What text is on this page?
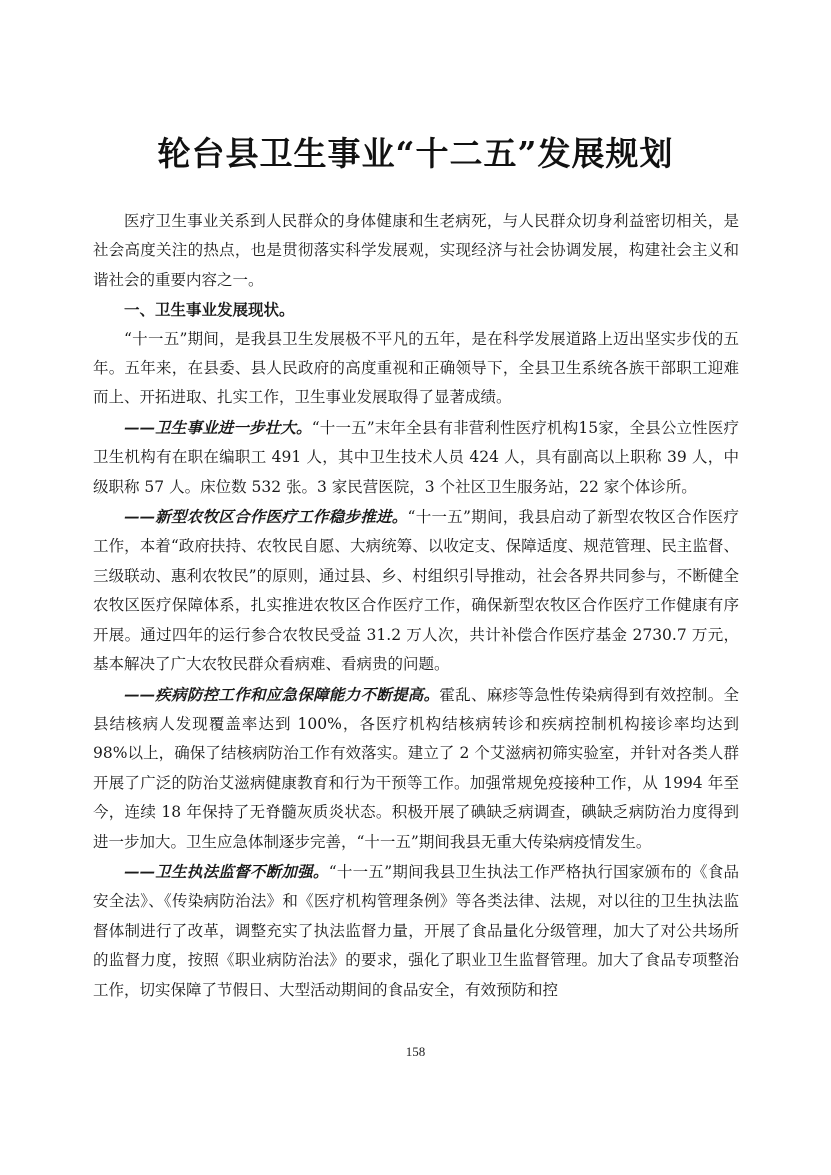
轮台县卫生事业“十二五”发展规划

医疗卫生事业关系到人民群众的身体健康和生老病死，与人民群众切身利益密切相关，是社会高度关注的热点，也是贯彻落实科学发展观，实现经济与社会协调发展，构建社会主义和谐社会的重要内容之一。

一、卫生事业发展现状。

“十一五”期间，是我县卫生发展极不平凡的五年，是在科学发展道路上迈出坚实步伐的五年。五年来，在县委、县人民政府的高度重视和正确领导下，全县卫生系统各族干部职工迎难而上、开拓进取、扎实工作，卫生事业发展取得了显著成绩。

——卫生事业进一步壮大。“十一五”末年全县有非营利性医疗机构15家，全县公立性医疗卫生机构有在职在编职工 491 人，其中卫生技术人员 424 人，具有副高以上职称 39 人，中级职称 57 人。床位数 532 张。3 家民营医院，3 个社区卫生服务站，22 家个体诊所。

——新型农牧区合作医疗工作稳步推进。“十一五”期间，我县启动了新型农牧区合作医疗工作，本着“政府扶持、农牧民自愿、大病统筹、以收定支、保障适度、规范管理、民主监督、三级联动、惠利农牧民”的原则，通过县、乡、村组织引导推动，社会各界共同参与，不断健全农牧区医疗保障体系，扎实推进农牧区合作医疗工作，确保新型农牧区合作医疗工作健康有序开展。通过四年的运行参合农牧民受益 31.2 万人次，共计补偿合作医疗基金 2730.7 万元，基本解决了广大农牧民群众看病难、看病贵的问题。

——疾病防控工作和应急保障能力不断提高。霍乱、麻疹等急性传染病得到有效控制。全县结核病人发现覆盖率达到 100%，各医疗机构结核病转诊和疾病控制机构接诊率均达到 98%以上，确保了结核病防治工作有效落实。建立了 2 个艾滋病初筛实验室，并针对各类人群开展了广泛的防治艾滋病健康教育和行为干预等工作。加强常规免疫接种工作，从 1994 年至今，连续 18 年保持了无脊髓灰质炎状态。积极开展了碘缺乏病调查，碘缺乏病防治力度得到进一步加大。卫生应急体制逐步完善，“十一五”期间我县无重大传染病疫情发生。

——卫生执法监督不断加强。“十一五”期间我县卫生执法工作严格执行国家颁布的《食品安全法》、《传染病防治法》和《医疗机构管理条例》等各类法律、法规，对以往的卫生执法监督体制进行了改革，调整充实了执法监督力量，开展了食品量化分级管理，加大了对公共场所的监督力度，按照《职业病防治法》的要求，强化了职业卫生监督管理。加大了食品专项整治工作，切实保障了节假日、大型活动期间的食品安全，有效预防和控

158
